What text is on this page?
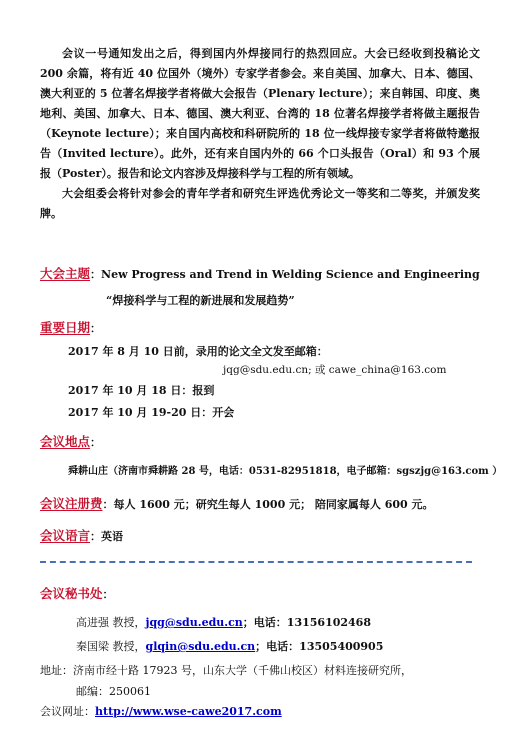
会议一号通知发出之后，得到国内外焊接同行的热烈回应。大会已经收到投稿论文 200 余篇，将有近 40 位国外（境外）专家学者参会。来自美国、加拿大、日本、德国、澳大利亚的 5 位著名焊接学者将做大会报告（Plenary lecture）；来自韩国、印度、奥地利、美国、加拿大、日本、德国、澳大利亚、台湾的 18 位著名焊接学者将做主题报告（Keynote lecture）；来自国内高校和科研院所的 18 位一线焊接专家学者将做特邀报告（Invited lecture）。此外，还有来自国内外的 66 个口头报告（Oral）和 93 个展报（Poster）。报告和论文内容涉及焊接科学与工程的所有领域。

大会组委会将针对参会的青年学者和研究生评选优秀论文一等奖和二等奖，并颁发奖牌。

大会主题：New Progress and Trend in Welding Science and Engineering
“焊接科学与工程的新进展和发展趋势”
重要日期：
2017 年 8 月 10 日前，录用的论文全文发至邮箱：
jqg@sdu.edu.cn; 或 cawe_china@163.com
2017 年 10 月 18 日：报到
2017 年 10 月 19-20 日：开会
会议地点：
舜耕山庄（济南市舜耕路 28 号，电话：0531-82951818，电子邮箱：sgszjg@163.com ）
会议注册费：每人 1600 元；研究生每人 1000 元； 陪同家属每人 600 元。
会议语言：英语
会议秘书处：
高进强 教授，jqg@sdu.edu.cn；电话：13156102468
秦国梁 教授，glqin@sdu.edu.cn；电话：13505400905
地址：济南市经十路 17923 号，山东大学（千佛山校区）材料连接研究所，
邮编：250061
会议网址：http://www.wse-cawe2017.com
